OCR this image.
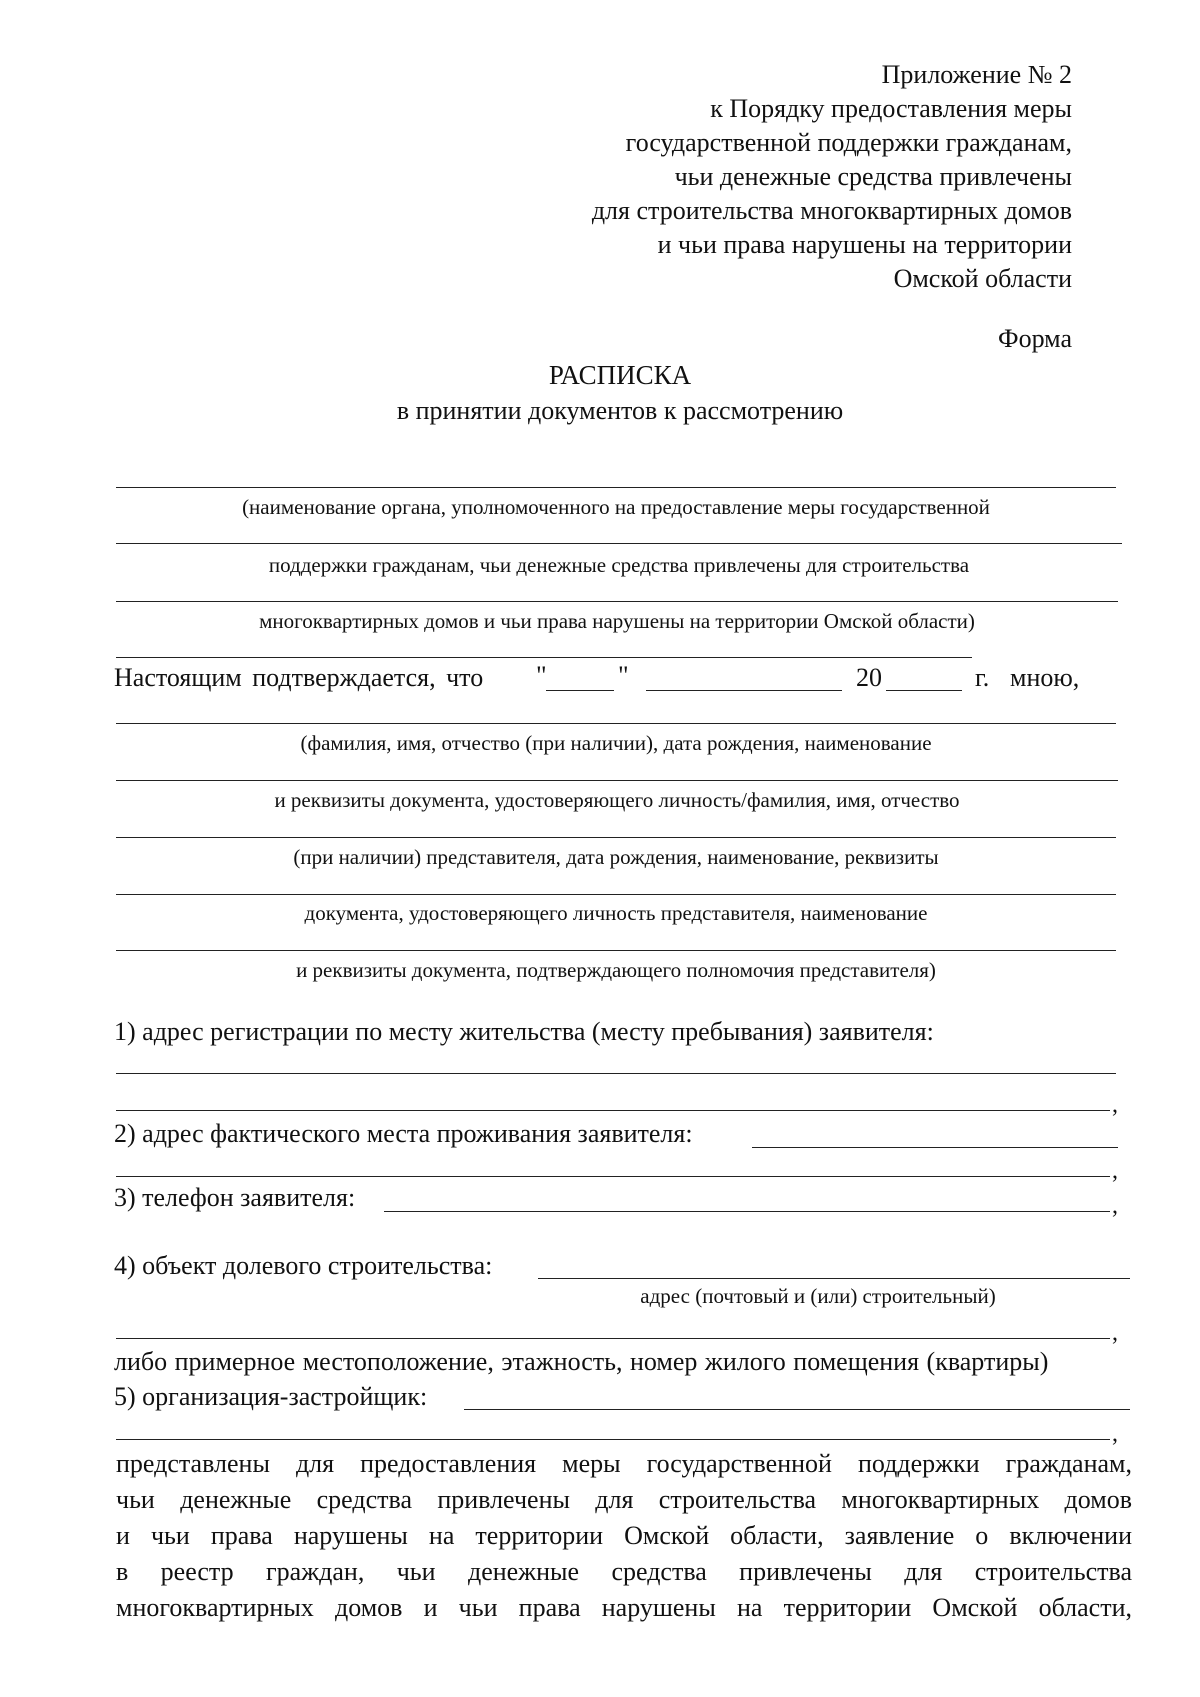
Приложение № 2
к Порядку предоставления меры
государственной поддержки гражданам,
чьи денежные средства привлечены
для строительства многоквартирных домов
и чьи права нарушены на территории
Омской области
Форма
РАСПИСКА
в принятии документов к рассмотрению
(наименование органа, уполномоченного на предоставление меры государственной
поддержки гражданам, чьи денежные средства привлечены для строительства
многоквартирных домов и чьи права нарушены на территории Омской области)
Настоящим подтверждается, что "	"	20	г. мною,
(фамилия, имя, отчество (при наличии), дата рождения, наименование
и реквизиты документа, удостоверяющего личность/фамилия, имя, отчество
(при наличии) представителя, дата рождения, наименование, реквизиты
документа, удостоверяющего личность представителя, наименование
и реквизиты документа, подтверждающего полномочия представителя)
1) адрес регистрации по месту жительства (месту пребывания) заявителя:
,
2) адрес фактического места проживания заявителя:
,
3) телефон заявителя:	,
4) объект долевого строительства:
адрес (почтовый и (или) строительный)
,
либо примерное местоположение, этажность, номер жилого помещения (квартиры)
5) организация-застройщик:
,
представлены для предоставления меры государственной поддержки гражданам,
чьи денежные средства привлечены для строительства многоквартирных домов
и чьи права нарушены на территории Омской области, заявление о включении
в реестр граждан, чьи денежные средства привлечены для строительства
многоквартирных домов и чьи права нарушены на территории Омской области,
